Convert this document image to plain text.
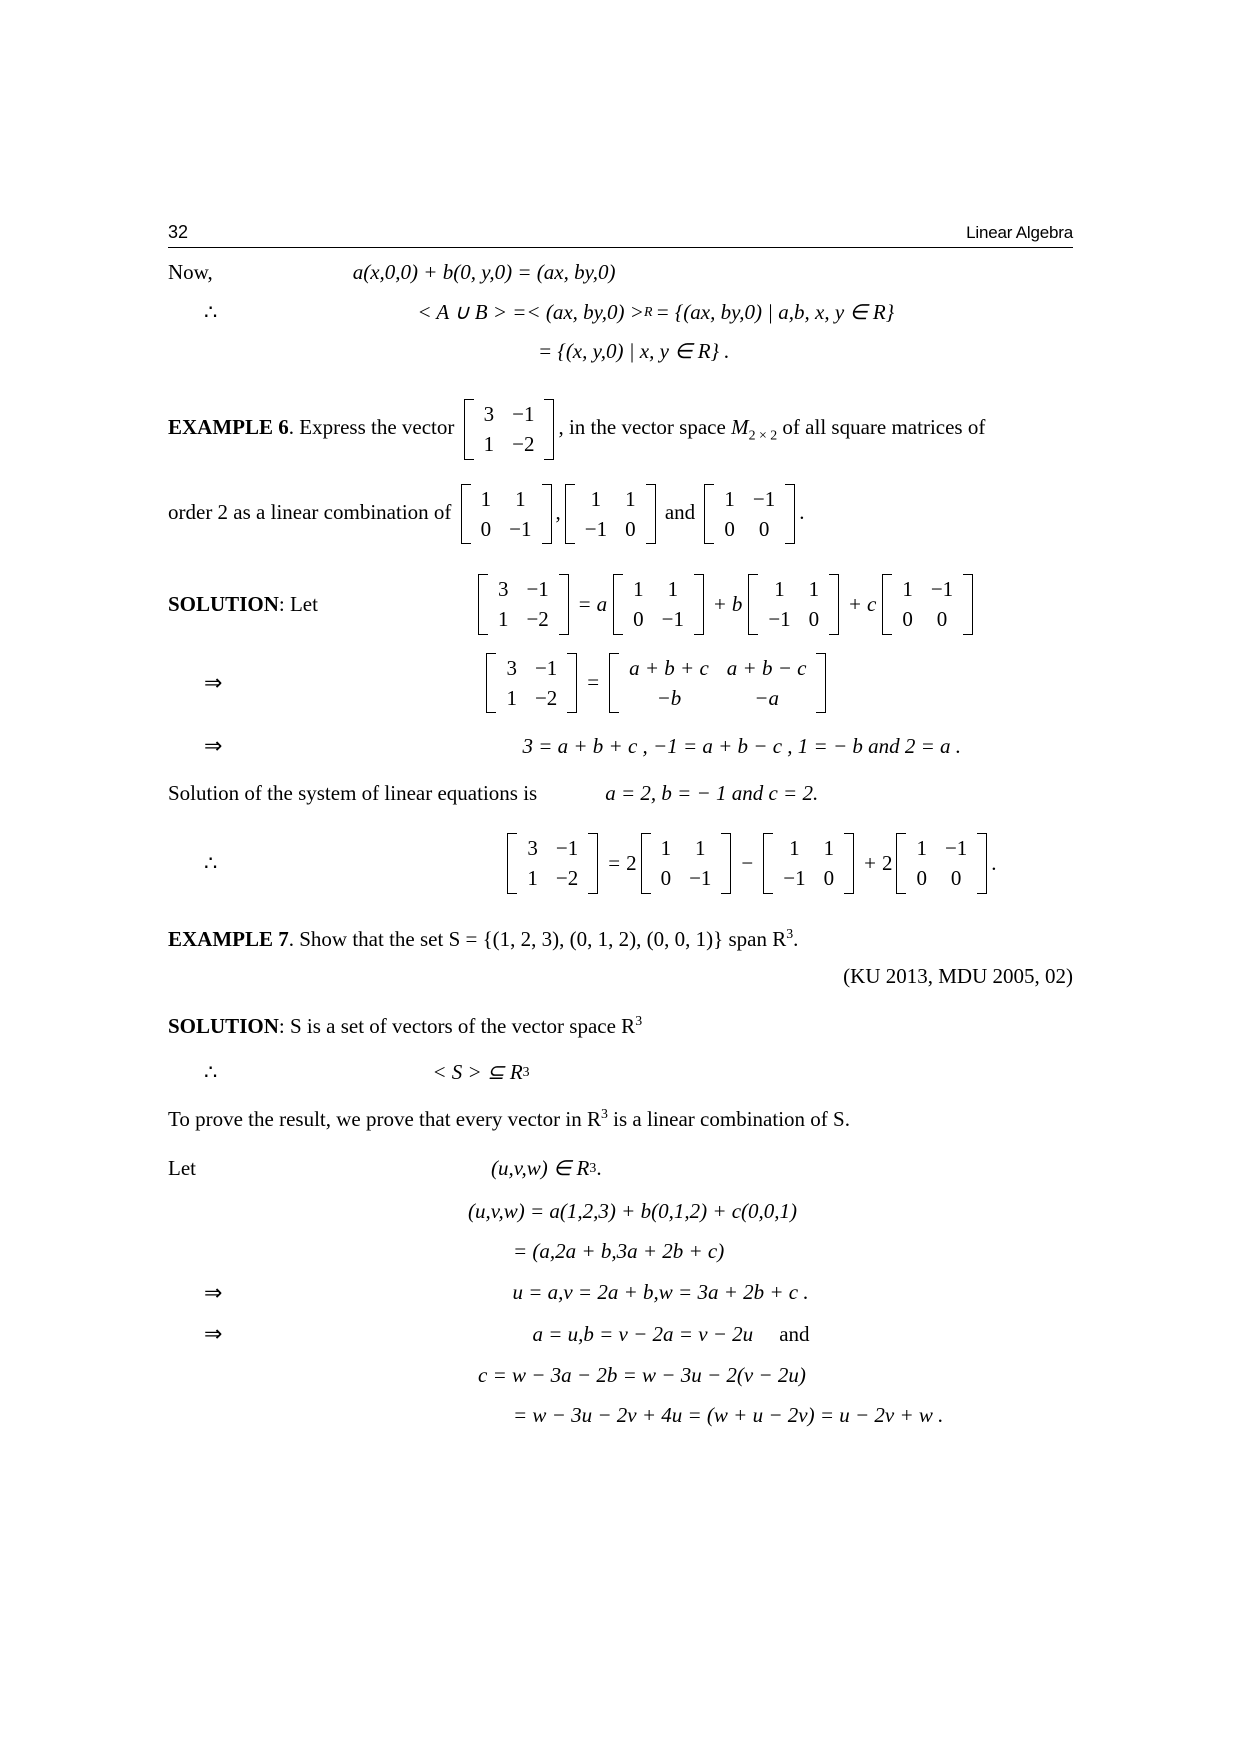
32	Linear Algebra
Now,	a(x,0,0) + b(0, y,0) = (ax, by,0)
∴	< A ∪ B > =< (ax, by,0) > R = {(ax, by,0) | a,b, x, y ∈ R}
= {(x, y,0) | x, y ∈ R} .
EXAMPLE 6. Express the vector
3	−1
1	−2
, in the vector space $M_{2 \times 2}$ of all square matrices of
order 2 as a linear combination of
1	1
0	−1
,
1	1
−1	0
and
1	−1
0	0
.
SOLUTION : Let
3	−1
1	−2
= a
1	1
0	−1
+ b
1	1
−1	0
+ c
1	−1
0	0
⇒
3	−1
1	−2
=
a + b + c	a + b − c
−b	−a
⇒	3 = a + b + c , −1 = a + b − c , 1 = − b and 2 = a .
Solution of the system of linear equations is	a = 2, b = − 1 and c = 2.
∴
3	−1
1	−2
= 2
1	1
0	−1
−
1	1
−1	0
+ 2
1	−1
0	0
.
EXAMPLE 7. Show that the set S = {(1, 2, 3), (0, 1, 2), (0, 0, 1)} span $R^3$.
(KU 2013, MDU 2005, 02)
SOLUTION: S is a set of vectors of the vector space $R^3$
∴	< S > ⊆ R 3
To prove the result, we prove that every vector in $R^3$ is a linear combination of S.
Let	(u,v,w) ∈ R 3 .
(u,v,w) = a(1,2,3) + b(0,1,2) + c(0,0,1)
= (a,2a + b,3a + 2b + c)
⇒	u = a,v = 2a + b,w = 3a + 2b + c .
⇒	a = u,b = v − 2a = v − 2u and
c = w − 3a − 2b = w − 3u − 2(v − 2u)
= w − 3u − 2v + 4u = (w + u − 2v) = u − 2v + w .
